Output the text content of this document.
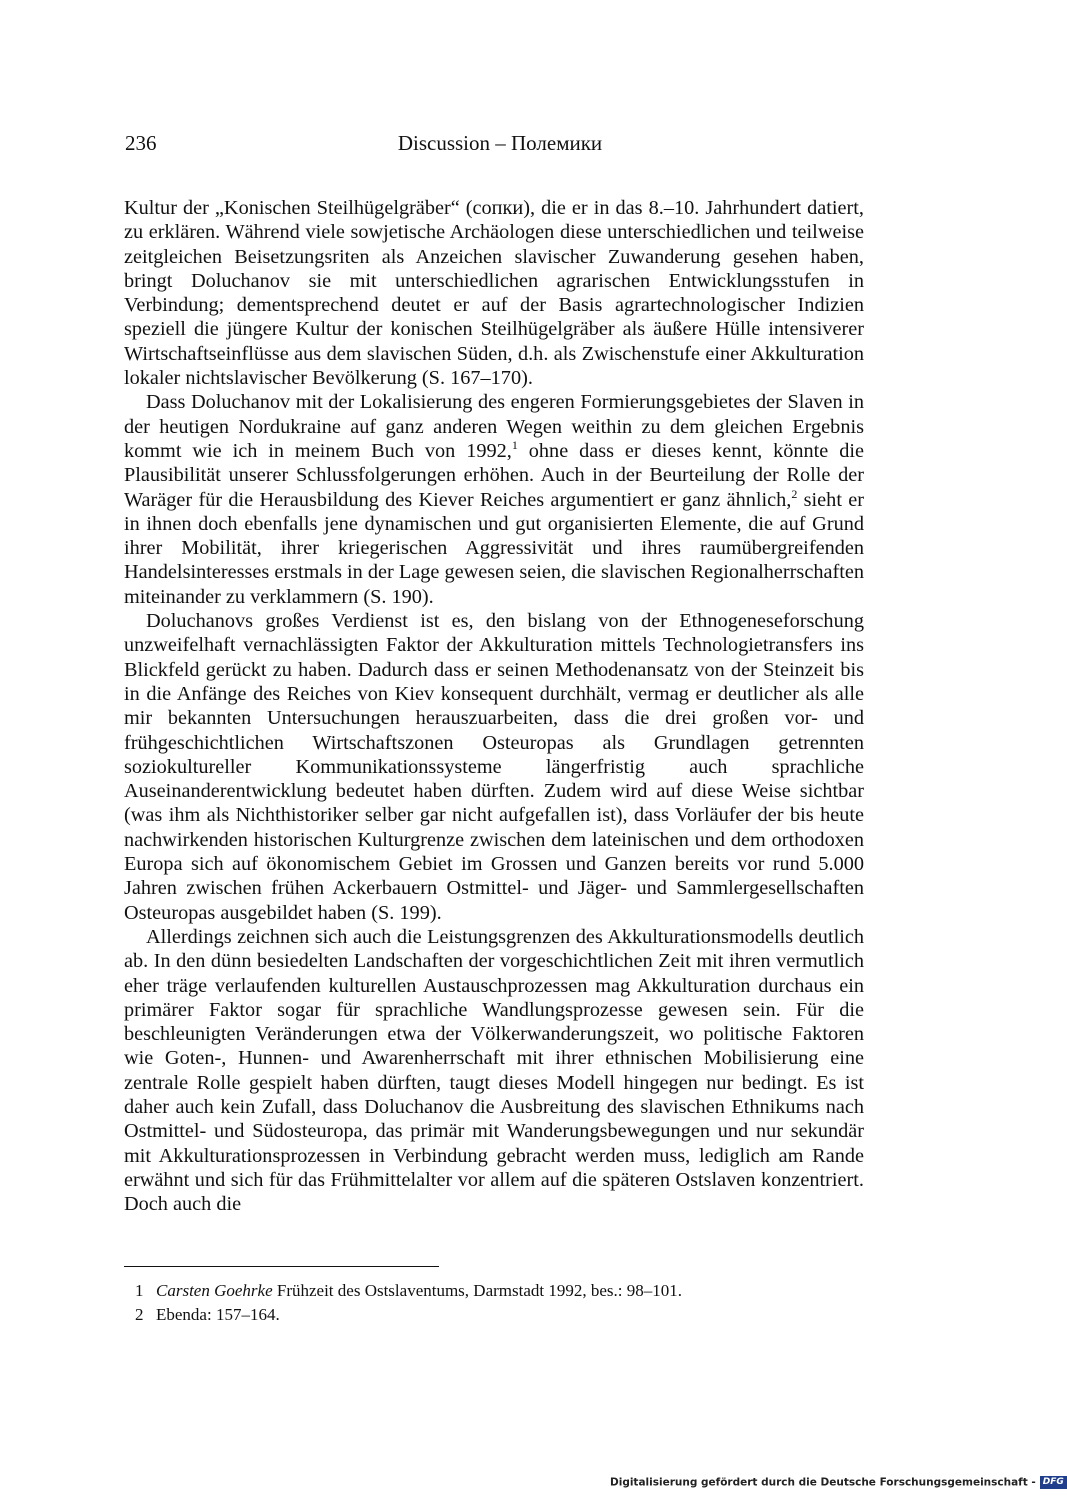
236	Discussion – Полемики

Kultur der „Konischen Steilhügelgräber“ (сопки), die er in das 8.–10. Jahrhundert datiert, zu erklären. Während viele sowjetische Archäologen diese unterschiedlichen und teilweise zeitgleichen Beisetzungsriten als Anzeichen slavischer Zuwanderung gesehen haben, bringt Doluchanov sie mit unterschiedlichen agrarischen Entwicklungsstufen in Verbindung; dementsprechend deutet er auf der Basis agrartechnologischer Indizien speziell die jüngere Kultur der konischen Steilhügelgräber als äußere Hülle intensiverer Wirtschaftseinflüsse aus dem slavischen Süden, d.h. als Zwischenstufe einer Akkulturation lokaler nichtslavischer Bevölkerung (S. 167–170).

Dass Doluchanov mit der Lokalisierung des engeren Formierungsgebietes der Slaven in der heutigen Nordukraine auf ganz anderen Wegen weithin zu dem gleichen Ergebnis kommt wie ich in meinem Buch von 1992,$^1$ ohne dass er dieses kennt, könnte die Plausibilität unserer Schlussfolgerungen erhöhen. Auch in der Beurteilung der Rolle der Waräger für die Herausbildung des Kiever Reiches argumentiert er ganz ähnlich,$^2$ sieht er in ihnen doch ebenfalls jene dynamischen und gut organisierten Elemente, die auf Grund ihrer Mobilität, ihrer kriegerischen Aggressivität und ihres raumübergreifenden Handelsinteresses erstmals in der Lage gewesen seien, die slavischen Regionalherrschaften miteinander zu verklammern (S. 190).

Doluchanovs großes Verdienst ist es, den bislang von der Ethnogeneseforschung unzweifelhaft vernachlässigten Faktor der Akkulturation mittels Technologietransfers ins Blickfeld gerückt zu haben. Dadurch dass er seinen Methodenansatz von der Steinzeit bis in die Anfänge des Reiches von Kiev konsequent durchhält, vermag er deutlicher als alle mir bekannten Untersuchungen herauszuarbeiten, dass die drei großen vor- und frühgeschichtlichen Wirtschaftszonen Osteuropas als Grundlagen getrennten soziokultureller Kommunikationssysteme längerfristig auch sprachliche Auseinanderentwicklung bedeutet haben dürften. Zudem wird auf diese Weise sichtbar (was ihm als Nichthistoriker selber gar nicht aufgefallen ist), dass Vorläufer der bis heute nachwirkenden historischen Kulturgrenze zwischen dem lateinischen und dem orthodoxen Europa sich auf ökonomischem Gebiet im Grossen und Ganzen bereits vor rund 5.000 Jahren zwischen frühen Ackerbauern Ostmittel- und Jäger- und Sammlergesellschaften Osteuropas ausgebildet haben (S. 199).

Allerdings zeichnen sich auch die Leistungsgrenzen des Akkulturationsmodells deutlich ab. In den dünn besiedelten Landschaften der vorgeschichtlichen Zeit mit ihren vermutlich eher träge verlaufenden kulturellen Austauschprozessen mag Akkulturation durchaus ein primärer Faktor sogar für sprachliche Wandlungsprozesse gewesen sein. Für die beschleunigten Veränderungen etwa der Völkerwanderungszeit, wo politische Faktoren wie Goten-, Hunnen- und Awarenherrschaft mit ihrer ethnischen Mobilisierung eine zentrale Rolle gespielt haben dürften, taugt dieses Modell hingegen nur bedingt. Es ist daher auch kein Zufall, dass Doluchanov die Ausbreitung des slavischen Ethnikums nach Ostmittel- und Südosteuropa, das primär mit Wanderungsbewegungen und nur sekundär mit Akkulturationsprozessen in Verbindung gebracht werden muss, lediglich am Rande erwähnt und sich für das Frühmittelalter vor allem auf die späteren Ostslaven konzentriert. Doch auch die

1 Carsten Goehrke Frühzeit des Ostslaventums, Darmstadt 1992, bes.: 98–101.

2 Ebenda: 157–164.

Digitalisierung gefördert durch die Deutsche Forschungsgemeinschaft - DFG
